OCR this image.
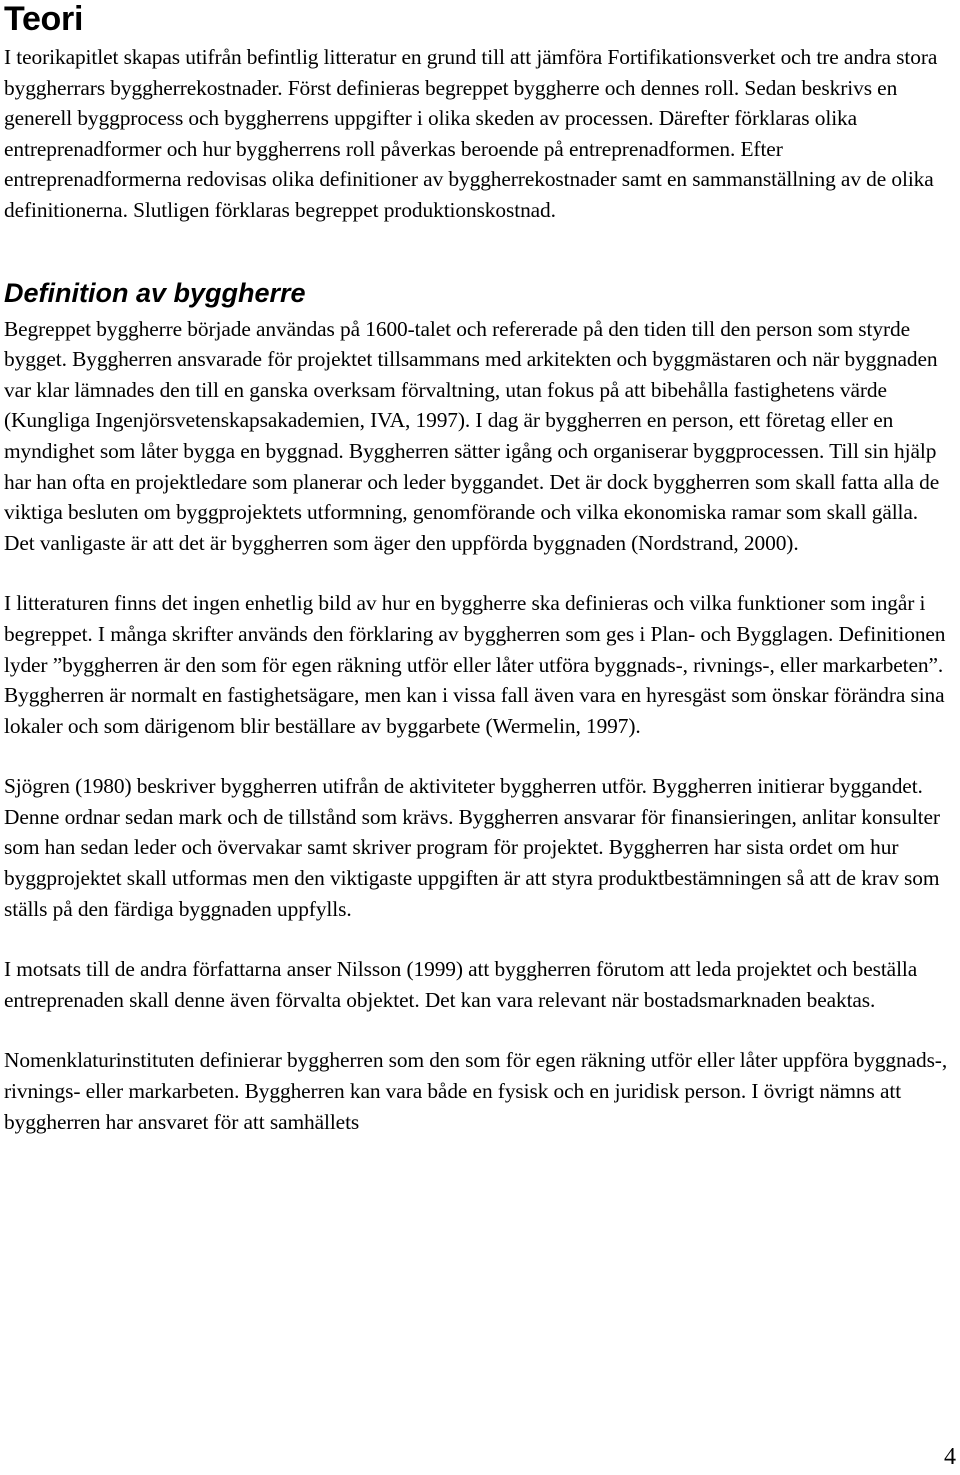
Teori

I teorikapitlet skapas utifrån befintlig litteratur en grund till att jämföra Fortifikationsverket och tre andra stora byggherrars byggherrekostnader. Först definieras begreppet byggherre och dennes roll. Sedan beskrivs en generell byggprocess och byggherrens uppgifter i olika skeden av processen. Därefter förklaras olika entreprenadformer och hur byggherrens roll påverkas beroende på entreprenadformen. Efter entreprenadformerna redovisas olika definitioner av byggherrekostnader samt en sammanställning av de olika definitionerna. Slutligen förklaras begreppet produktionskostnad.

Definition av byggherre

Begreppet byggherre började användas på 1600-talet och refererade på den tiden till den person som styrde bygget. Byggherren ansvarade för projektet tillsammans med arkitekten och byggmästaren och när byggnaden var klar lämnades den till en ganska overksam förvaltning, utan fokus på att bibehålla fastighetens värde (Kungliga Ingenjörsvetenskapsakademien, IVA, 1997). I dag är byggherren en person, ett företag eller en myndighet som låter bygga en byggnad. Byggherren sätter igång och organiserar byggprocessen. Till sin hjälp har han ofta en projektledare som planerar och leder byggandet. Det är dock byggherren som skall fatta alla de viktiga besluten om byggprojektets utformning, genomförande och vilka ekonomiska ramar som skall gälla. Det vanligaste är att det är byggherren som äger den uppförda byggnaden (Nordstrand, 2000).

I litteraturen finns det ingen enhetlig bild av hur en byggherre ska definieras och vilka funktioner som ingår i begreppet. I många skrifter används den förklaring av byggherren som ges i Plan- och Bygglagen. Definitionen lyder ”byggherren är den som för egen räkning utför eller låter utföra byggnads-, rivnings-, eller markarbeten”. Byggherren är normalt en fastighetsägare, men kan i vissa fall även vara en hyresgäst som önskar förändra sina lokaler och som därigenom blir beställare av byggarbete (Wermelin, 1997).

Sjögren (1980) beskriver byggherren utifrån de aktiviteter byggherren utför. Byggherren initierar byggandet. Denne ordnar sedan mark och de tillstånd som krävs. Byggherren ansvarar för finansieringen, anlitar konsulter som han sedan leder och övervakar samt skriver program för projektet. Byggherren har sista ordet om hur byggprojektet skall utformas men den viktigaste uppgiften är att styra produktbestämningen så att de krav som ställs på den färdiga byggnaden uppfylls.

I motsats till de andra författarna anser Nilsson (1999) att byggherren förutom att leda projektet och beställa entreprenaden skall denne även förvalta objektet. Det kan vara relevant när bostadsmarknaden beaktas.

Nomenklaturinstituten definierar byggherren som den som för egen räkning utför eller låter uppföra byggnads-, rivnings- eller markarbeten. Byggherren kan vara både en fysisk och en juridisk person. I övrigt nämns att byggherren har ansvaret för att samhällets

4
